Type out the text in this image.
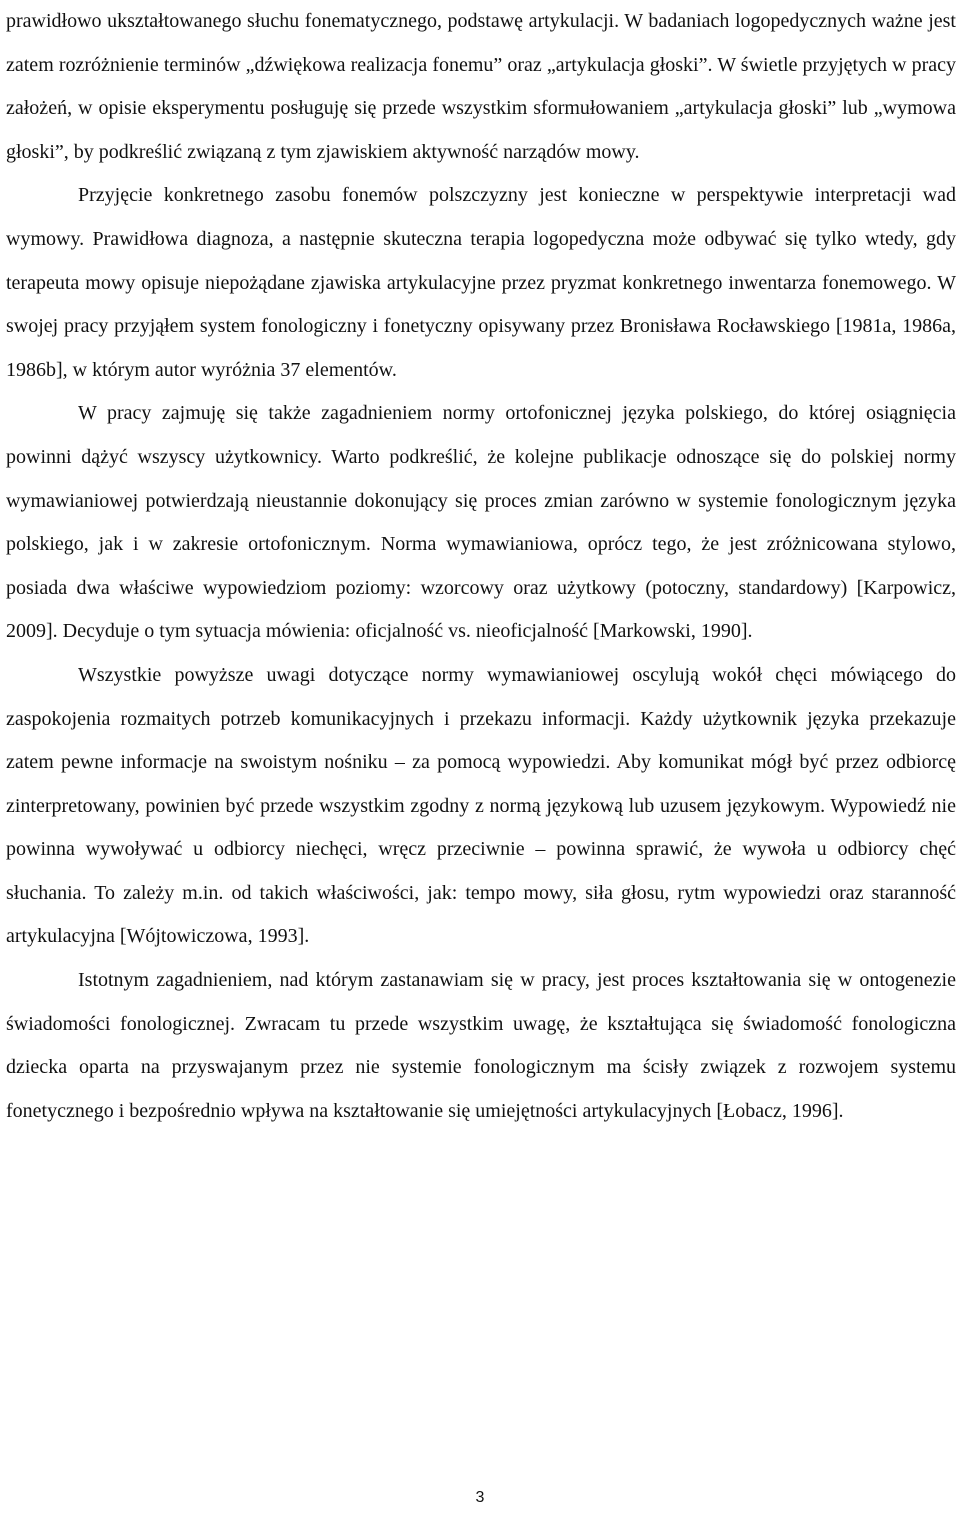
prawidłowo ukształtowanego słuchu fonematycznego, podstawę artykulacji. W badaniach logopedycznych ważne jest zatem rozróżnienie terminów „dźwiękowa realizacja fonemu” oraz „artykulacja głoski”. W świetle przyjętych w pracy założeń, w opisie eksperymentu posługuję się przede wszystkim sformułowaniem „artykulacja głoski” lub „wymowa głoski”, by podkreślić związaną z tym zjawiskiem aktywność narządów mowy.

Przyjęcie konkretnego zasobu fonemów polszczyzny jest konieczne w perspektywie interpretacji wad wymowy. Prawidłowa diagnoza, a następnie skuteczna terapia logopedyczna może odbywać się tylko wtedy, gdy terapeuta mowy opisuje niepożądane zjawiska artykulacyjne przez pryzmat konkretnego inwentarza fonemowego. W swojej pracy przyjąłem system fonologiczny i fonetyczny opisywany przez Bronisława Rocławskiego [1981a, 1986a, 1986b], w którym autor wyróżnia 37 elementów.

W pracy zajmuję się także zagadnieniem normy ortofonicznej języka polskiego, do której osiągnięcia powinni dążyć wszyscy użytkownicy. Warto podkreślić, że kolejne publikacje odnoszące się do polskiej normy wymawianiowej potwierdzają nieustannie dokonujący się proces zmian zarówno w systemie fonologicznym języka polskiego, jak i w zakresie ortofonicznym. Norma wymawianiowa, oprócz tego, że jest zróżnicowana stylowo, posiada dwa właściwe wypowiedziom poziomy: wzorcowy oraz użytkowy (potoczny, standardowy) [Karpowicz, 2009]. Decyduje o tym sytuacja mówienia: oficjalność vs. nieoficjalność [Markowski, 1990].

Wszystkie powyższe uwagi dotyczące normy wymawianiowej oscylują wokół chęci mówiącego do zaspokojenia rozmaitych potrzeb komunikacyjnych i przekazu informacji. Każdy użytkownik języka przekazuje zatem pewne informacje na swoistym nośniku – za pomocą wypowiedzi. Aby komunikat mógł być przez odbiorcę zinterpretowany, powinien być przede wszystkim zgodny z normą językową lub uzusem językowym. Wypowiedź nie powinna wywoływać u odbiorcy niechęci, wręcz przeciwnie – powinna sprawić, że wywoła u odbiorcy chęć słuchania. To zależy m.in. od takich właściwości, jak: tempo mowy, siła głosu, rytm wypowiedzi oraz staranność artykulacyjna [Wójtowiczowa, 1993].

Istotnym zagadnieniem, nad którym zastanawiam się w pracy, jest proces kształtowania się w ontogenezie świadomości fonologicznej. Zwracam tu przede wszystkim uwagę, że kształtująca się świadomość fonologiczna dziecka oparta na przyswajanym przez nie systemie fonologicznym ma ścisły związek z rozwojem systemu fonetycznego i bezpośrednio wpływa na kształtowanie się umiejętności artykulacyjnych [Łobacz, 1996].

3
